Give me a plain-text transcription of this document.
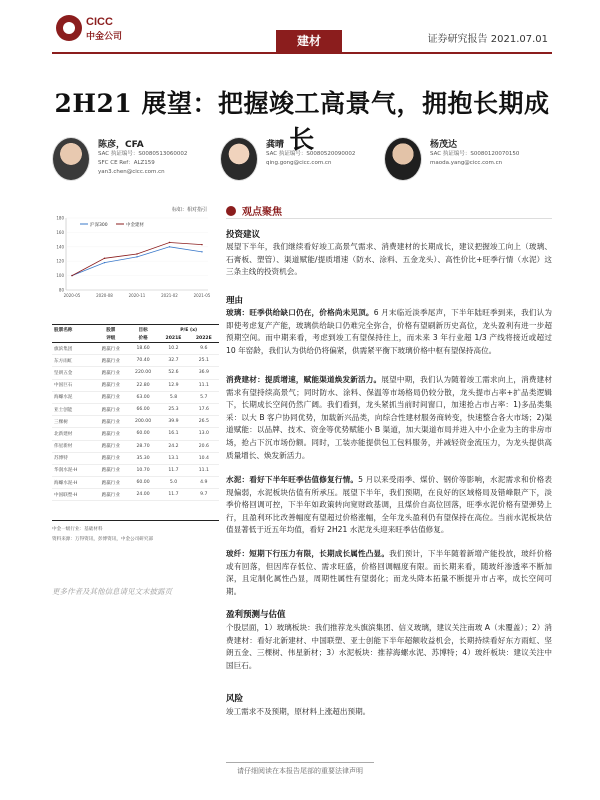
CICC
中金公司	建材	证券研究报告 2021.07.01
2H21 展望：把握竣工高景气，拥抱长期成长
陈彦，CFA
SAC 执证编号：S0080513060002
SFC CE Ref：ALZ159
yan3.chen@cicc.com.cn
龚晴
SAC 执证编号：S0080520090002
qing.gong@cicc.com.cn
杨茂达
SAC 执证编号：S0080120070150
maoda.yang@cicc.com.cn
标如：相对指引
180
160
140
120
100
80
2020-05	2020-08	2020-11	2021-02	2021-05
沪深300	中金建材
股票名称	股票	目标	P/E (x)	
	评级	价格	2021E	2022E
旗滨集团	跑赢行业	18.60	10.2	9.6
东方雨虹	跑赢行业	70.40	32.7	25.1
坚朗五金	跑赢行业	220.00	52.6	36.9
中国巨石	跑赢行业	22.80	12.9	11.1
海螺水泥	跑赢行业	63.00	5.8	5.7
亚士创能	跑赢行业	66.00	25.3	17.6
三棵树	跑赢行业	200.00	39.9	26.5
北新建材	跑赢行业	60.00	16.1	13.0
伟星新材	跑赢行业	28.70	24.2	20.6
苏博特	跑赢行业	35.30	13.1	10.4
华润水泥-H	跑赢行业	10.70	11.7	11.1
海螺水泥-H	跑赢行业	60.00	5.0	4.9
中国联塑-H	跑赢行业	24.00	11.7	9.7
中金一级行业：基础材料
资料来源：万得资讯，彭博资讯，中金公司研究部
更多作者及其他信息请见文末披露页
观点聚焦
投资建议
展望下半年，我们继续看好竣工高景气需求、消费建材的长期成长，建议把握竣工向上（玻璃、石膏板、塑管）、渠道赋能/提质增速（防水、涂料、五金龙头）、高性价比+旺季行情（水泥）这三条主线的投资机会。
理由
玻璃：旺季供给缺口仍在，价格尚未见顶。6 月末临近淡季尾声，下半年陆旺季到来，我们认为即使考虑复产产能，玻璃供给缺口仍难完全弥合，价格有望刷新历史高位，龙头盈利有进一步超预期空间。而中期来看，考虑到竣工有望保持往上，而未来 3 年行业超 1/3 产线将接近或超过 10 年窑龄，我们认为供给仍将偏紧，供需紧平衡下玻璃价格中枢有望保持高位。
消费建材：提质增速，赋能渠道焕发新活力。展望中期，我们认为随着竣工需求向上，消费建材需求有望持续高景气；同时防水、涂料、保温等市场格局仍较分散，龙头提市占率+扩品类逻辑下，长期成长空间仍然广阔。我们看到，龙头紧抓当前时间窗口，加速抢占市占率：1)多品类集采：以大 B 客户协同优势，加载新兴品类，向综合性建材服务商转变，快速整合各大市场；2)渠道赋能：以品牌、技术、资金等优势赋能小 B 渠道，加大渠道布局并进入中小企业为主的非房市场，抢占下沉市场份额。同时，工装亦能提供包工包料服务，并减轻资金流压力，为龙头提供高质量增长、焕发新活力。
水泥：看好下半年旺季估值修复行情。5 月以来受雨季、煤价、钢价等影响，水泥需求和价格表现偏弱，水泥板块估值有所承压。展望下半年，我们预期，在良好的区域格局及错峰限产下，淡季价格回调可控，下半年如政策转向宽财政基调，且煤价自高位回落，旺季水泥价格有望弹势上行，且盈利环比改善幅度有望超过价格涨幅，全年龙头盈利仍有望保持在高位。当前水泥板块估值显著低于近五年均值，看好 2H21 水泥龙头迎来旺季估值修复。
玻纤：短期下行压力有限，长期成长属性凸显。我们预计，下半年随着新增产能投放，玻纤价格或有回落，但因库存低位、需求旺盛，价格回调幅度有限。而长期来看，随玻纤渗透率不断加深，且定制化属性凸显，周期性属性有望弱化；而龙头降本拓量不断提升市占率，成长空间可期。
盈利预测与估值
个股层面，1）玻璃板块：我们推荐龙头旗滨集团、信义玻璃，建议关注南玻 A（未覆盖）；2）消费建材：看好北新建材、中国联塑、亚士创能下半年超额收益机会，长期持续看好东方雨虹、坚朗五金、三棵树、伟星新材；3）水泥板块：推荐海螺水泥、苏博特；4）玻纤板块：建议关注中国巨石。
风险
竣工需求不及预期，原材料上涨超出预期。
请仔细阅读在本报告尾部的重要法律声明
